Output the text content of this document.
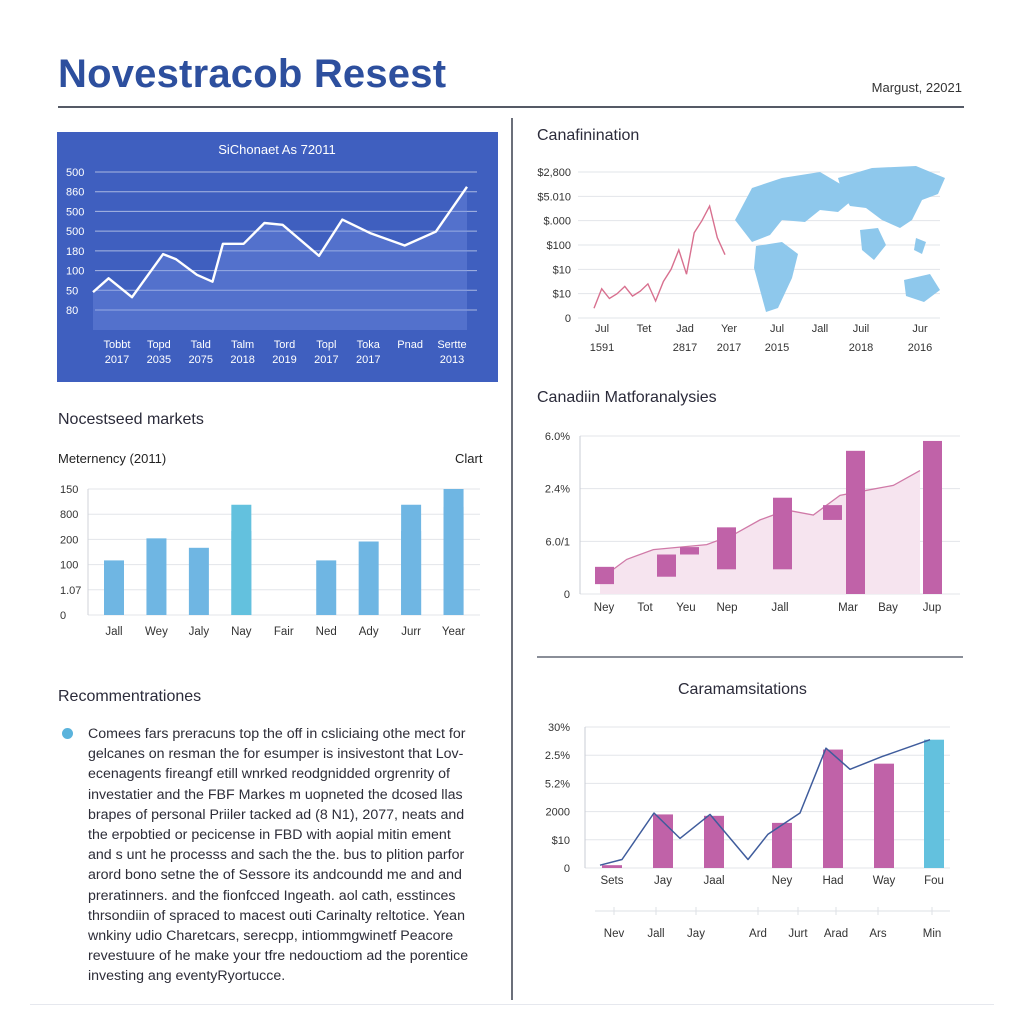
Novestracob Resest	Margust, 22021
SiChonaet As 72011
500
860
500
500
180
100
50
80
Tobbt
2017
Topd
2035
Tald
2075
Talm
2018
Tord
2019
Topl
2017
Toka
2017
Pnad Sertte
2013
Canafinination
$2,800
$5.010
$.000
$100
$10
$10
0
Jul
1591
Tet Jad
2817
Yer
2017
Jul
2015
Jall Juil
2018
Jur
2016
Nocestseed markets
Meternency (2011)	Clart
150
800
200
100
1.07
0
Jall Wey Jaly Nay Fair Ned Ady Jurr Year
Canadiin Matforanalysies
6.0%
2.4%
6.0/1
0
Ney Tot Yeu Nep	Jall	Mar Bay Jup
Recommentrationes
Comees fars preracuns top the off in csliciaing othe mect for
gelcanes on resman the for esumper is insivestont that Lov-
ecenagents fireangf etill wnrked reodgnidded orgrenrity of
investatier and the FBF Markes m uopneted the dcosed llas
brapes of personal Priiler tacked ad (8 N1), 2077, neats and
the erpobtied or pecicense in FBD with aopial mitin ement
and s unt he processs and sach the the. bus to plition parfor
arord bono setne the of Sessore its andcoundd me and and
preratinners. and the fionfcced Ingeath. aol cath, esstinces
thrsondiin of spraced to macest outi Carinalty reltotice. Yean
wnkiny udio Charetcars, serecpp, intiommgwinetf Peacore
revestuure of he make your tfre nedouctiom ad the porentice
investing ang eventyRyortucce.
Caramamsitations
30%
2.5%
5.2%
2000
$10
0
Sets	Jay	Jaal	Ney	Had	Way	Fou
Nev Jall Jay	Ard Jurt Arad Ars	Min
